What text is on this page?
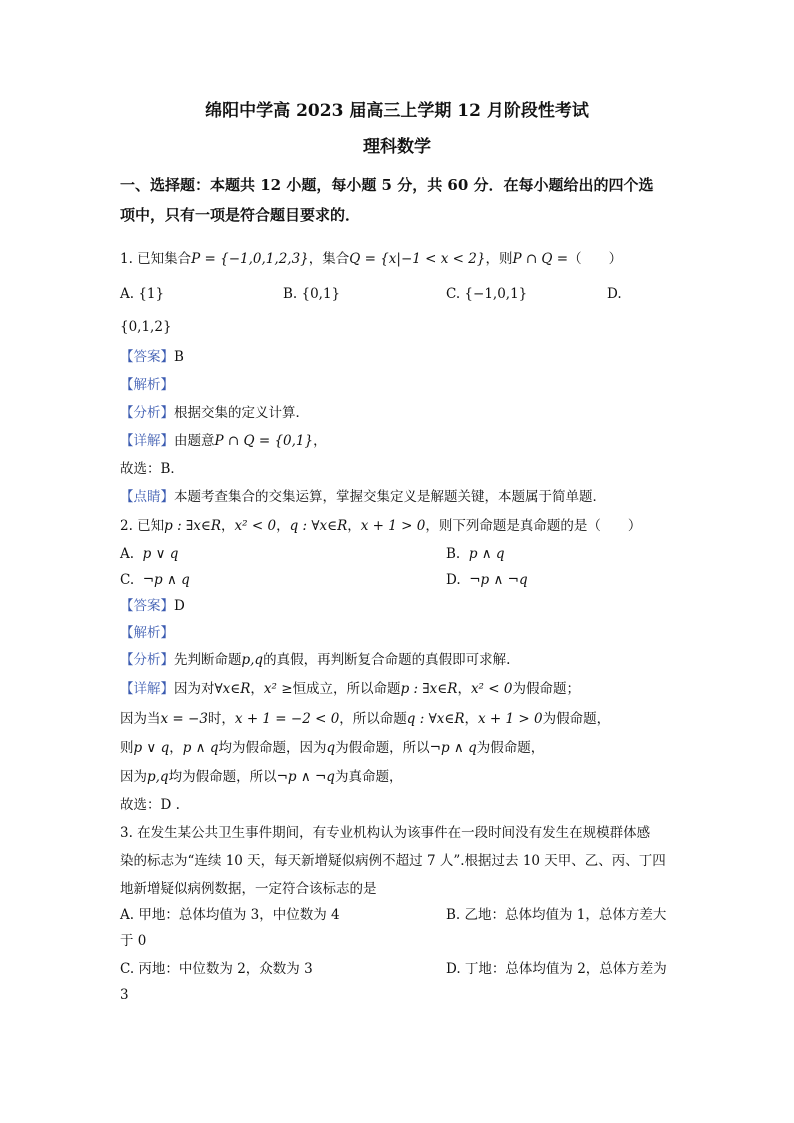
绵阳中学高 2023 届高三上学期 12 月阶段性考试
理科数学
一、选择题：本题共 12 小题，每小题 5 分，共 60 分．在每小题给出的四个选
项中，只有一项是符合题目要求的．
1. 已知集合P = {−1,0,1,2,3}，集合Q = {x|−1 < x < 2}，则P ∩ Q =（　　）
A. {1}	B. {0,1}	C. {−1,0,1}	D.
{0,1,2}
【答案】B
【解析】
【分析】根据交集的定义计算．
【详解】由题意P ∩ Q = {0,1}，
故选：B．
【点睛】本题考查集合的交集运算，掌握交集定义是解题关键，本题属于简单题．
2. 已知p : ∃x∈R，x² < 0，q : ∀x∈R，x + 1 > 0，则下列命题是真命题的是（　　）
A. p ∨ q	B. p ∧ q
C. ¬p ∧ q	D. ¬p ∧ ¬q
【答案】D
【解析】
【分析】先判断命题p,q的真假，再判断复合命题的真假即可求解.
【详解】因为对∀x∈R，x² ≥恒成立，所以命题p : ∃x∈R，x² < 0为假命题；
因为当x = −3时，x + 1 = −2 < 0，所以命题q : ∀x∈R，x + 1 > 0为假命题，
则p ∨ q，p ∧ q均为假命题，因为q为假命题，所以¬p ∧ q为假命题，
因为p,q均为假命题，所以¬p ∧ ¬q为真命题，
故选：D .
3. 在发生某公共卫生事件期间，有专业机构认为该事件在一段时间没有发生在规模群体感
染的标志为“连续 10 天，每天新增疑似病例不超过 7 人”.根据过去 10 天甲、乙、丙、丁四
地新增疑似病例数据，一定符合该标志的是
A. 甲地：总体均值为 3，中位数为 4	B. 乙地：总体均值为 1，总体方差大
于 0
C. 丙地：中位数为 2，众数为 3	D. 丁地：总体均值为 2，总体方差为
3
